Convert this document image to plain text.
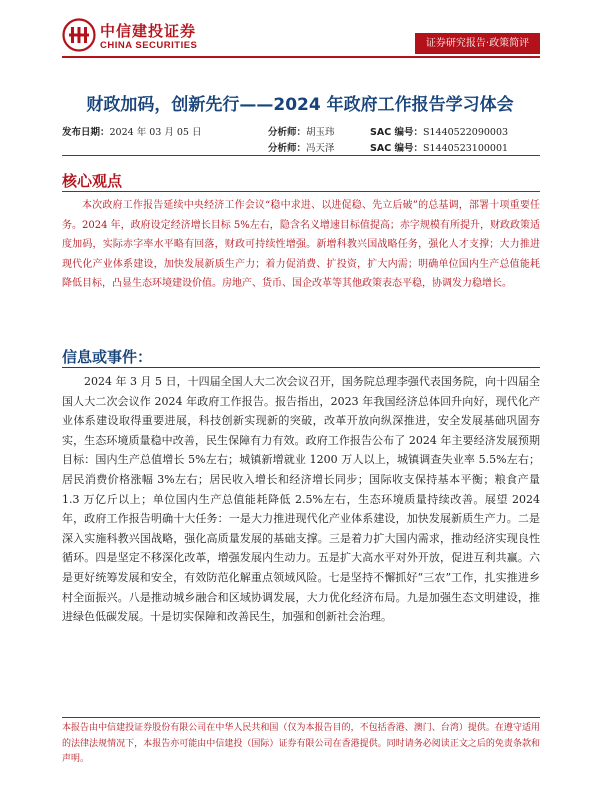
中信建投证券
CHINA SECURITIES	证券研究报告·政策简评
财政加码，创新先行——2024 年政府工作报告学习体会
发布日期：2024 年 03 月 05 日	分析师：胡玉玮	SAC 编号：S1440522090003
分析师：冯天泽	SAC 编号：S1440523100001
核心观点

本次政府工作报告延续中央经济工作会议“稳中求进、以进促稳、先立后破”的总基调，部署十项重要任务。2024 年，政府设定经济增长目标 5%左右，隐含名义增速目标值提高；赤字规模有所提升，财政政策适度加码，实际赤字率水平略有回落，财政可持续性增强。新增科教兴国战略任务，强化人才支撑；大力推进现代化产业体系建设，加快发展新质生产力；着力促消费、扩投资，扩大内需；明确单位国内生产总值能耗降低目标，凸显生态环境建设价值。房地产、货币、国企改革等其他政策表态平稳，协调发力稳增长。

信息或事件：

2024 年 3 月 5 日，十四届全国人大二次会议召开，国务院总理李强代表国务院，向十四届全国人大二次会议作 2024 年政府工作报告。报告指出，2023 年我国经济总体回升向好，现代化产业体系建设取得重要进展，科技创新实现新的突破，改革开放向纵深推进，安全发展基础巩固夯实，生态环境质量稳中改善，民生保障有力有效。政府工作报告公布了 2024 年主要经济发展预期目标：国内生产总值增长 5%左右；城镇新增就业 1200 万人以上，城镇调查失业率 5.5%左右；居民消费价格涨幅 3%左右；居民收入增长和经济增长同步；国际收支保持基本平衡；粮食产量 1.3 万亿斤以上；单位国内生产总值能耗降低 2.5%左右，生态环境质量持续改善。展望 2024 年，政府工作报告明确十大任务：一是大力推进现代化产业体系建设，加快发展新质生产力。二是深入实施科教兴国战略，强化高质量发展的基础支撑。三是着力扩大国内需求，推动经济实现良性循环。四是坚定不移深化改革，增强发展内生动力。五是扩大高水平对外开放，促进互利共赢。六是更好统筹发展和安全，有效防范化解重点领域风险。七是坚持不懈抓好“三农”工作，扎实推进乡村全面振兴。八是推动城乡融合和区域协调发展，大力优化经济布局。九是加强生态文明建设，推进绿色低碳发展。十是切实保障和改善民生，加强和创新社会治理。

本报告由中信建投证券股份有限公司在中华人民共和国（仅为本报告目的，不包括香港、澳门、台湾）提供。在遵守适用的法律法规情况下，本报告亦可能由中信建投（国际）证券有限公司在香港提供。同时请务必阅读正文之后的免责条款和声明。
